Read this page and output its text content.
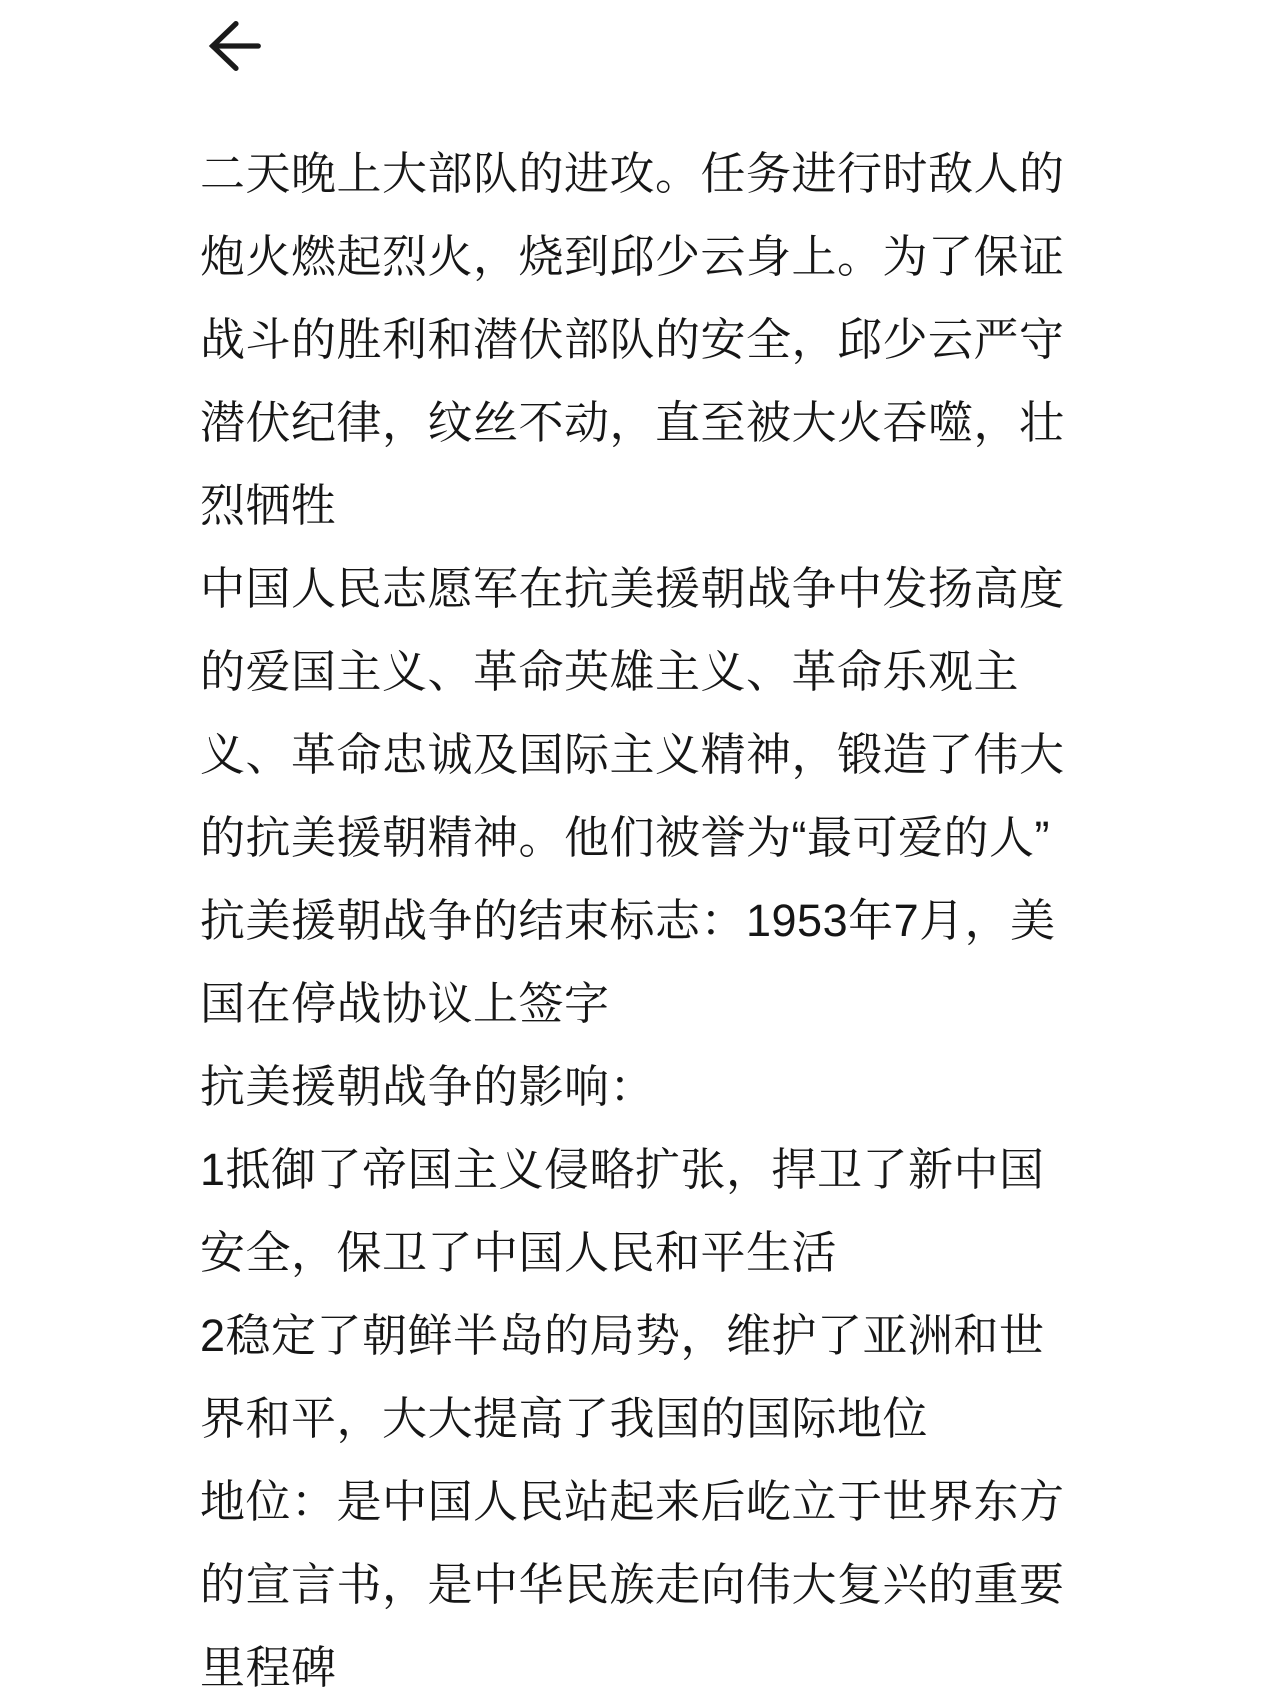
二天晚上大部队的进攻。任务进行时敌人的
炮火燃起烈火，烧到邱少云身上。为了保证
战斗的胜利和潜伏部队的安全，邱少云严守
潜伏纪律，纹丝不动，直至被大火吞噬，壮
烈牺牲
中国人民志愿军在抗美援朝战争中发扬高度
的爱国主义、革命英雄主义、革命乐观主
义、革命忠诚及国际主义精神，锻造了伟大
的抗美援朝精神。他们被誉为“最可爱的人”
抗美援朝战争的结束标志：1953年7月，美
国在停战协议上签字
抗美援朝战争的影响：
1抵御了帝国主义侵略扩张，捍卫了新中国
安全，保卫了中国人民和平生活
2稳定了朝鲜半岛的局势，维护了亚洲和世
界和平，大大提高了我国的国际地位
地位：是中国人民站起来后屹立于世界东方
的宣言书，是中华民族走向伟大复兴的重要
里程碑
